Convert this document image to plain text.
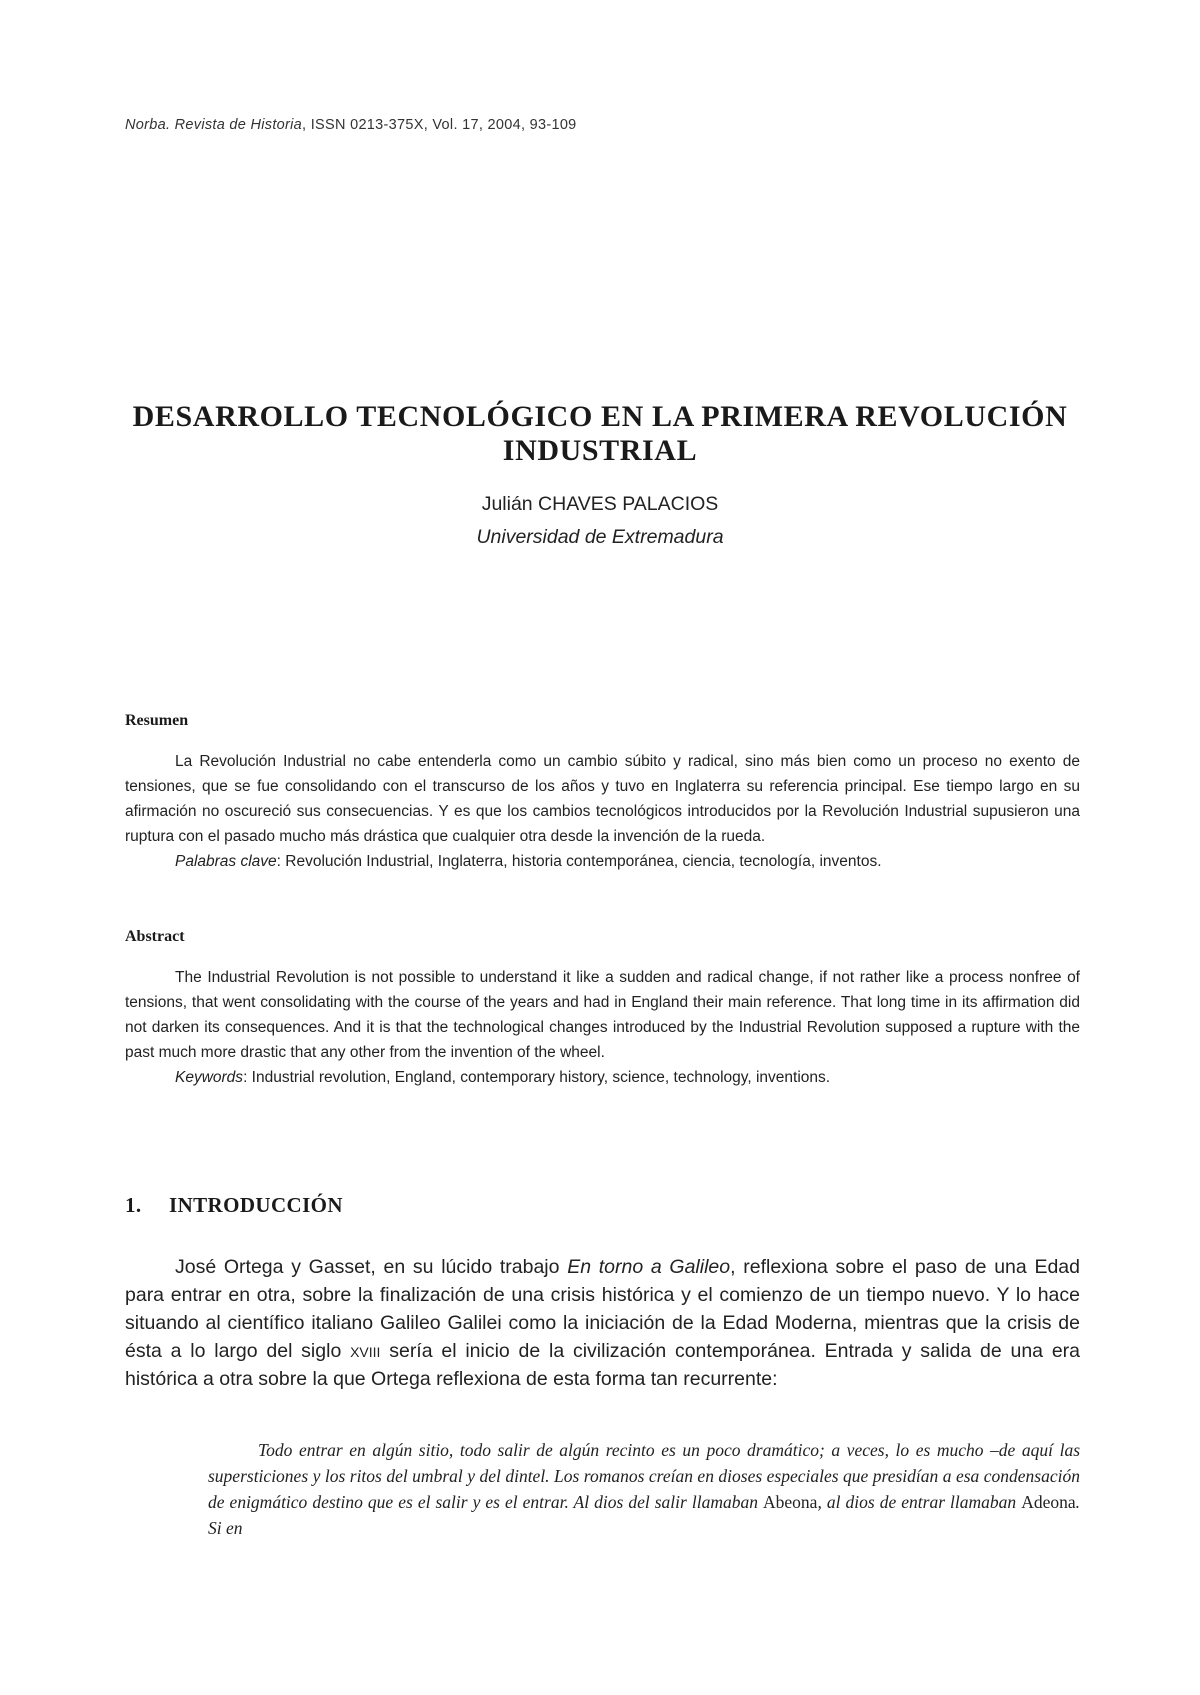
Norba. Revista de Historia, ISSN 0213-375X, Vol. 17, 2004, 93-109
DESARROLLO TECNOLÓGICO EN LA PRIMERA REVOLUCIÓN INDUSTRIAL
Julián CHAVES PALACIOS
Universidad de Extremadura
Resumen

La Revolución Industrial no cabe entenderla como un cambio súbito y radical, sino más bien como un proceso no exento de tensiones, que se fue consolidando con el transcurso de los años y tuvo en Inglaterra su referencia principal. Ese tiempo largo en su afirmación no oscureció sus consecuencias. Y es que los cambios tecnológicos introducidos por la Revolución Industrial supusieron una ruptura con el pasado mucho más drástica que cualquier otra desde la invención de la rueda.

Palabras clave: Revolución Industrial, Inglaterra, historia contemporánea, ciencia, tecnología, inventos.

Abstract

The Industrial Revolution is not possible to understand it like a sudden and radical change, if not rather like a process nonfree of tensions, that went consolidating with the course of the years and had in England their main reference. That long time in its affirmation did not darken its consequences. And it is that the technological changes introduced by the Industrial Revolution supposed a rupture with the past much more drastic that any other from the invention of the wheel.

Keywords: Industrial revolution, England, contemporary history, science, technology, inventions.

1. INTRODUCCIÓN

José Ortega y Gasset, en su lúcido trabajo En torno a Galileo, reflexiona sobre el paso de una Edad para entrar en otra, sobre la finalización de una crisis histórica y el comienzo de un tiempo nuevo. Y lo hace situando al científico italiano Galileo Galilei como la iniciación de la Edad Moderna, mientras que la crisis de ésta a lo largo del siglo xviii sería el inicio de la civilización contemporánea. Entrada y salida de una era histórica a otra sobre la que Ortega reflexiona de esta forma tan recurrente:

Todo entrar en algún sitio, todo salir de algún recinto es un poco dramático; a veces, lo es mucho –de aquí las supersticiones y los ritos del umbral y del dintel. Los romanos creían en dioses especiales que presidían a esa condensación de enigmático destino que es el salir y es el entrar. Al dios del salir llamaban Abeona, al dios de entrar llamaban Adeona. Si en
